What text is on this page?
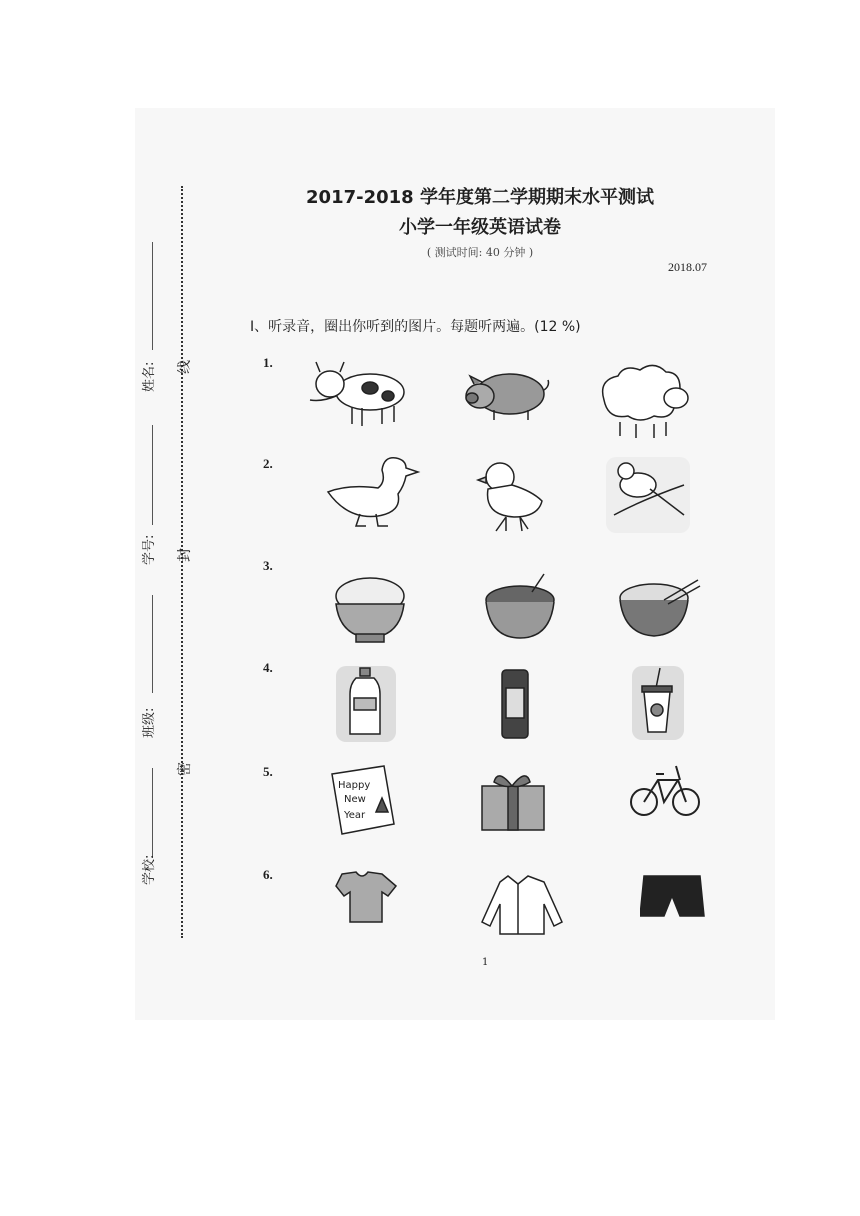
姓名:
学号:
班级:
学校:
线
封
密
2017-2018 学年度第二学期期末水平测试
小学一年级英语试卷
( 测试时间: 40 分钟 )
2018.07
Ⅰ、听录音，圈出你听到的图片。每题听两遍。(12 %)
1.
2.
3.
4.
5.
Happy
New
Year
6.
1
